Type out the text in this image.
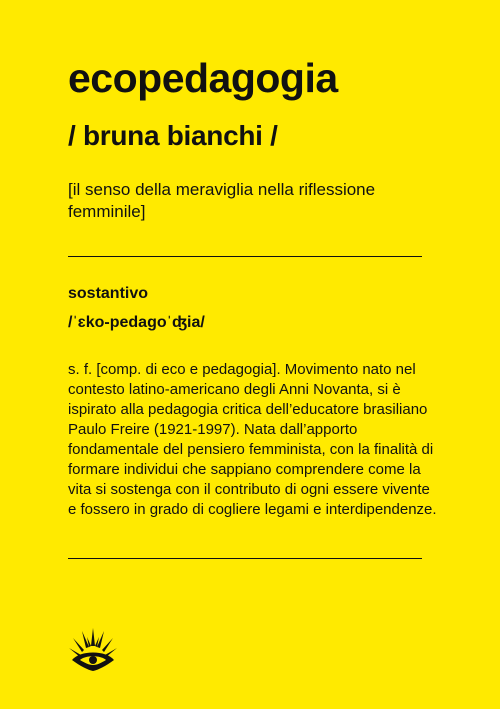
ecopedagogia
/ bruna bianchi /

[il senso della meraviglia nella riflessione femminile]

sostantivo
/ˈɛko-pedagoˈʤia/

s. f. [comp. di eco e pedagogia]. Movimento nato nel contesto latino-americano degli Anni Novanta, si è ispirato alla pedagogia critica dell’educatore brasiliano Paulo Freire (1921-1997). Nata dall’apporto fondamentale del pensiero femminista, con la finalità di formare individui che sappiano comprendere come la vita si sostenga con il contributo di ogni essere vivente e fossero in grado di cogliere legami e interdipendenze.
